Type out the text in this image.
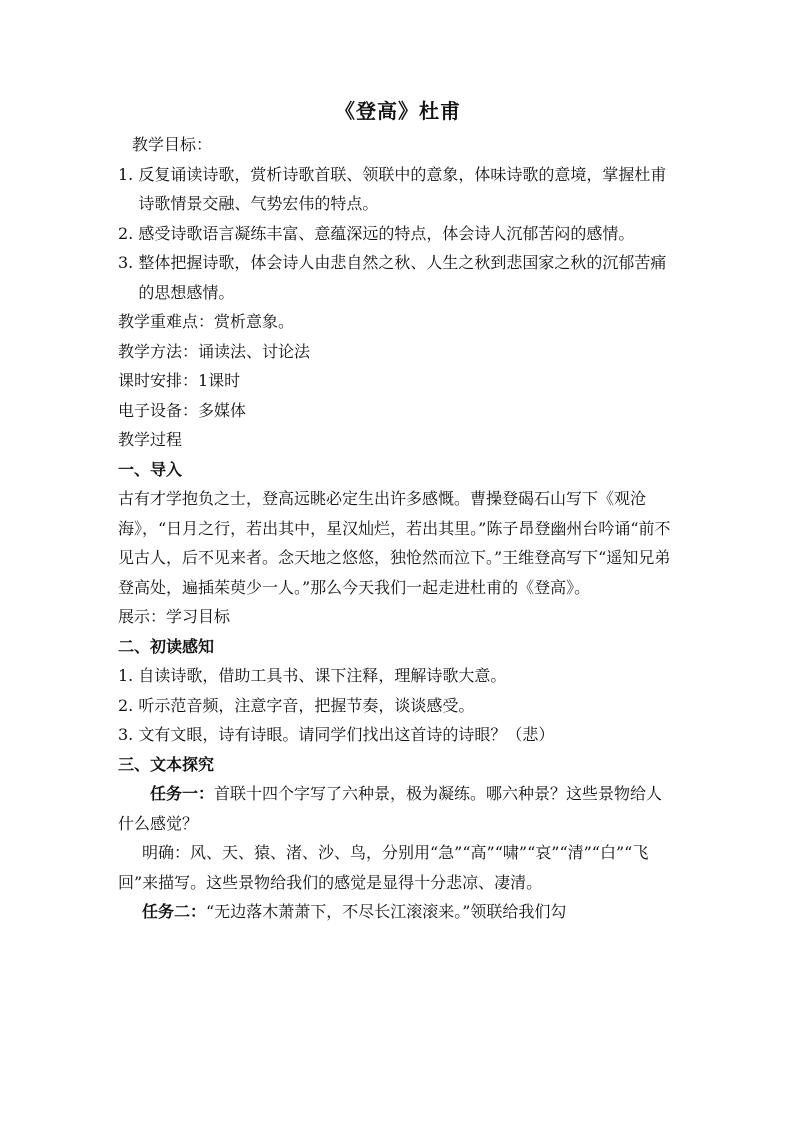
《登高》杜甫

教学目标：

1. 反复诵读诗歌，赏析诗歌首联、领联中的意象，体味诗歌的意境，掌握杜甫诗歌情景交融、气势宏伟的特点。
2. 感受诗歌语言凝练丰富、意蕴深远的特点，体会诗人沉郁苦闷的感情。
3. 整体把握诗歌，体会诗人由悲自然之秋、人生之秋到悲国家之秋的沉郁苦痛的思想感情。

教学重难点：赏析意象。

教学方法：诵读法、讨论法

课时安排：1课时

电子设备：多媒体

教学过程

一、导入

古有才学抱负之士，登高远眺必定生出许多感慨。曹操登碣石山写下《观沧海》，“日月之行，若出其中，星汉灿烂，若出其里。”陈子昂登幽州台吟诵“前不见古人，后不见来者。念天地之悠悠，独怆然而泣下。”王维登高写下“遥知兄弟登高处，遍插茱萸少一人。”那么今天我们一起走进杜甫的《登高》。

展示：学习目标

二、初读感知

1. 自读诗歌，借助工具书、课下注释，理解诗歌大意。

2. 听示范音频，注意字音，把握节奏，谈谈感受。

3. 文有文眼，诗有诗眼。请同学们找出这首诗的诗眼？（悲）

三、文本探究

任务一：首联十四个字写了六种景，极为凝练。哪六种景？这些景物给人什么感觉？

明确：风、天、猿、渚、沙、鸟，分别用“急”“高”“啸”“哀”“清”“白”“飞回”来描写。这些景物给我们的感觉是显得十分悲凉、凄清。

任务二：“无边落木萧萧下，不尽长江滚滚来。”领联给我们勾
